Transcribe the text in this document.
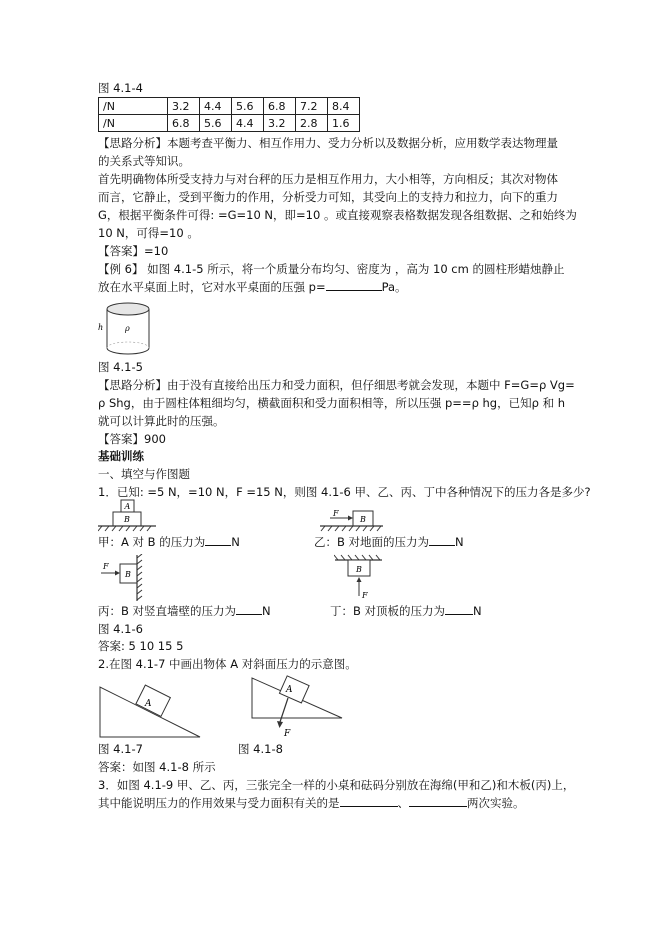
图 4.1-4
/N	3.2	4.4	5.6	6.8	7.2	8.4
/N	6.8	5.6	4.4	3.2	2.8	1.6
【思路分析】本题考查平衡力、相互作用力、受力分析以及数据分析，应用数学表达物理量
的关系式等知识。
首先明确物体所受支持力与对台秤的压力是相互作用力，大小相等，方向相反；其次对物体
而言，它静止，受到平衡力的作用，分析受力可知，其受向上的支持力和拉力，向下的重力
G，根据平衡条件可得: =G=10 N，即=10 。或直接观察表格数据发现各组数据、之和始终为
10 N，可得=10 。
【答案】=10
【例 6】 如图 4.1-5 所示，将一个质量分布均匀、密度为 ，高为 10 cm 的圆柱形蜡烛静止
放在水平桌面上时，它对水平桌面的压强 p=	Pa。
h	ρ
图 4.1-5
【思路分析】由于没有直接给出压力和受力面积，但仔细思考就会发现，本题中 F=G=ρ Vg=
ρ Shg，由于圆柱体粗细均匀，横截面积和受力面积相等，所以压强 p==ρ hg，已知ρ 和 h
就可以计算此时的压强。
【答案】900
基础训练
一、填空与作图题
1．已知: =5 N，=10 N，F =15 N，则图 4.1-6 甲、乙、丙、丁中各种情况下的压力各是多少?
A
B
F
B
甲：A 对 B 的压力为 N	乙：B 对地面的压力为 N
F
B
B
F
丙：B 对竖直墙壁的压力为 N	丁：B 对顶板的压力为 N
图 4.1-6
答案: 5 10 15 5
2.在图 4.1-7 中画出物体 A 对斜面压力的示意图。
A
A
F
图 4.1-7	图 4.1-8
答案：如图 4.1-8 所示
3．如图 4.1-9 甲、乙、丙，三张完全一样的小桌和砝码分别放在海绵(甲和乙)和木板(丙)上，
其中能说明压力的作用效果与受力面积有关的是	、	两次实验。
